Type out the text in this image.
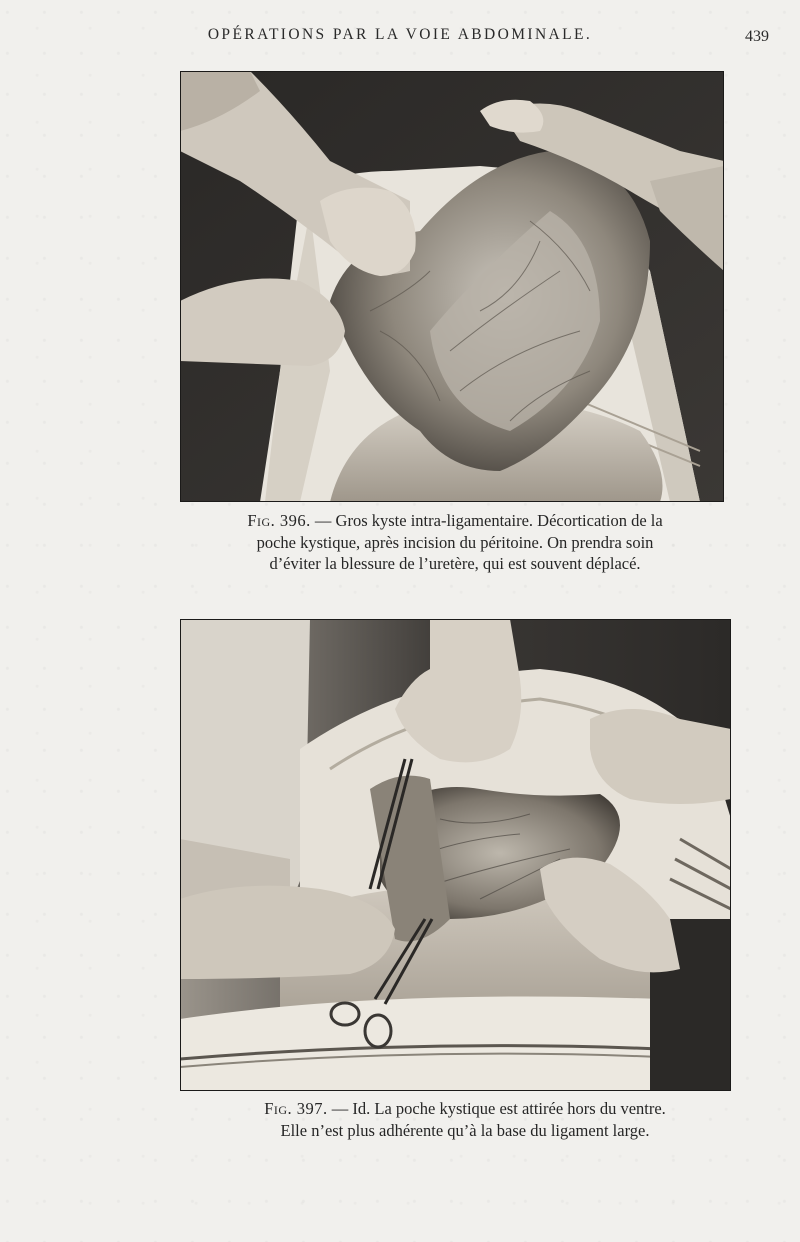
OPÉRATIONS PAR LA VOIE ABDOMINALE.	439
Fig. 396. — Gros kyste intra-ligamentaire. Décortication de la
poche kystique, après incision du péritoine. On prendra soin
d’éviter la blessure de l’uretère, qui est souvent déplacé.
Fig. 397. — Id. La poche kystique est attirée hors du ventre.
Elle n’est plus adhérente qu’à la base du ligament large.
